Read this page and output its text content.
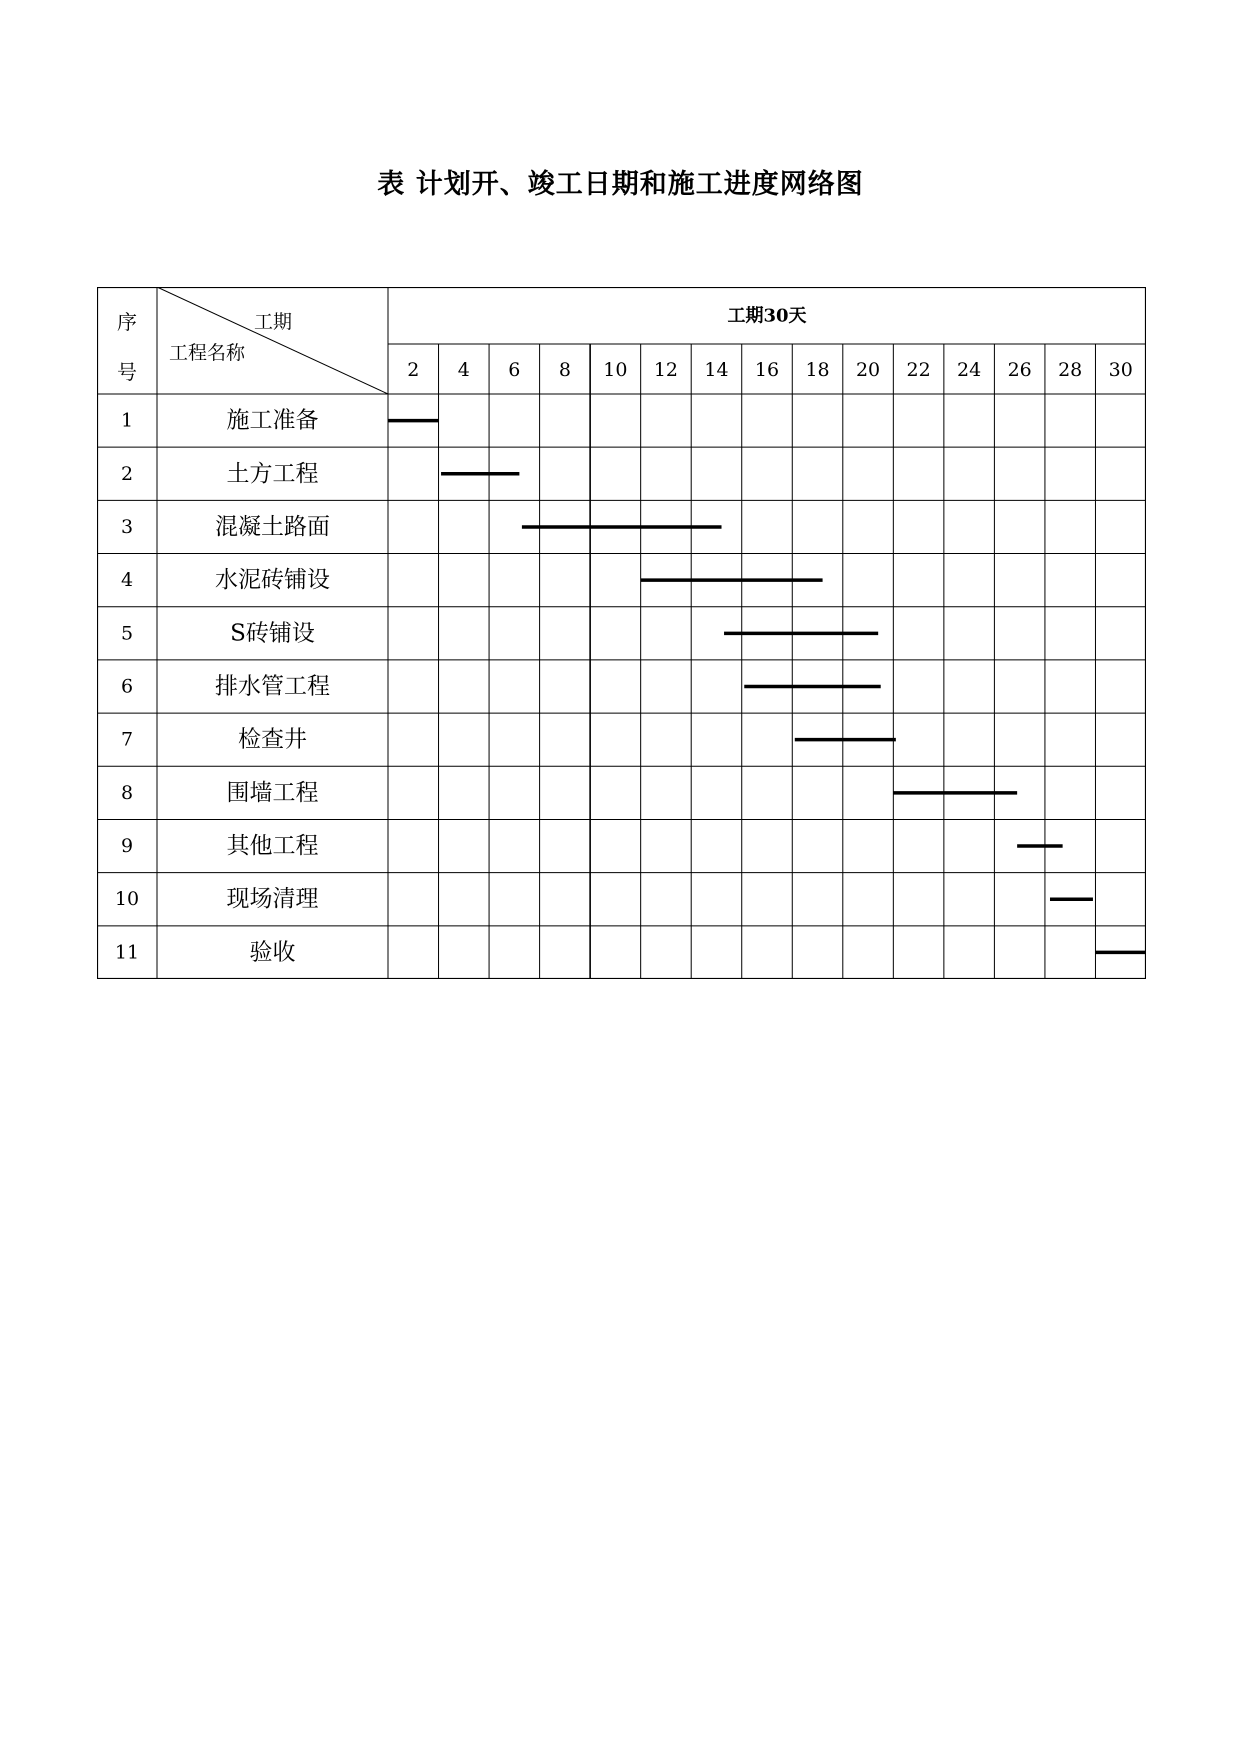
表 计划开、竣工日期和施工进度网络图
序
号
工期
工程名称
工期30天
2 4 6 8 10 12 14 16 18 20 22 24 26 28 30
1	施工准备
2	土方工程
3	混凝土路面
4	水泥砖铺设
5	S砖铺设
6	排水管工程
7	检查井
8	围墙工程
9	其他工程
10	现场清理
11	验收
